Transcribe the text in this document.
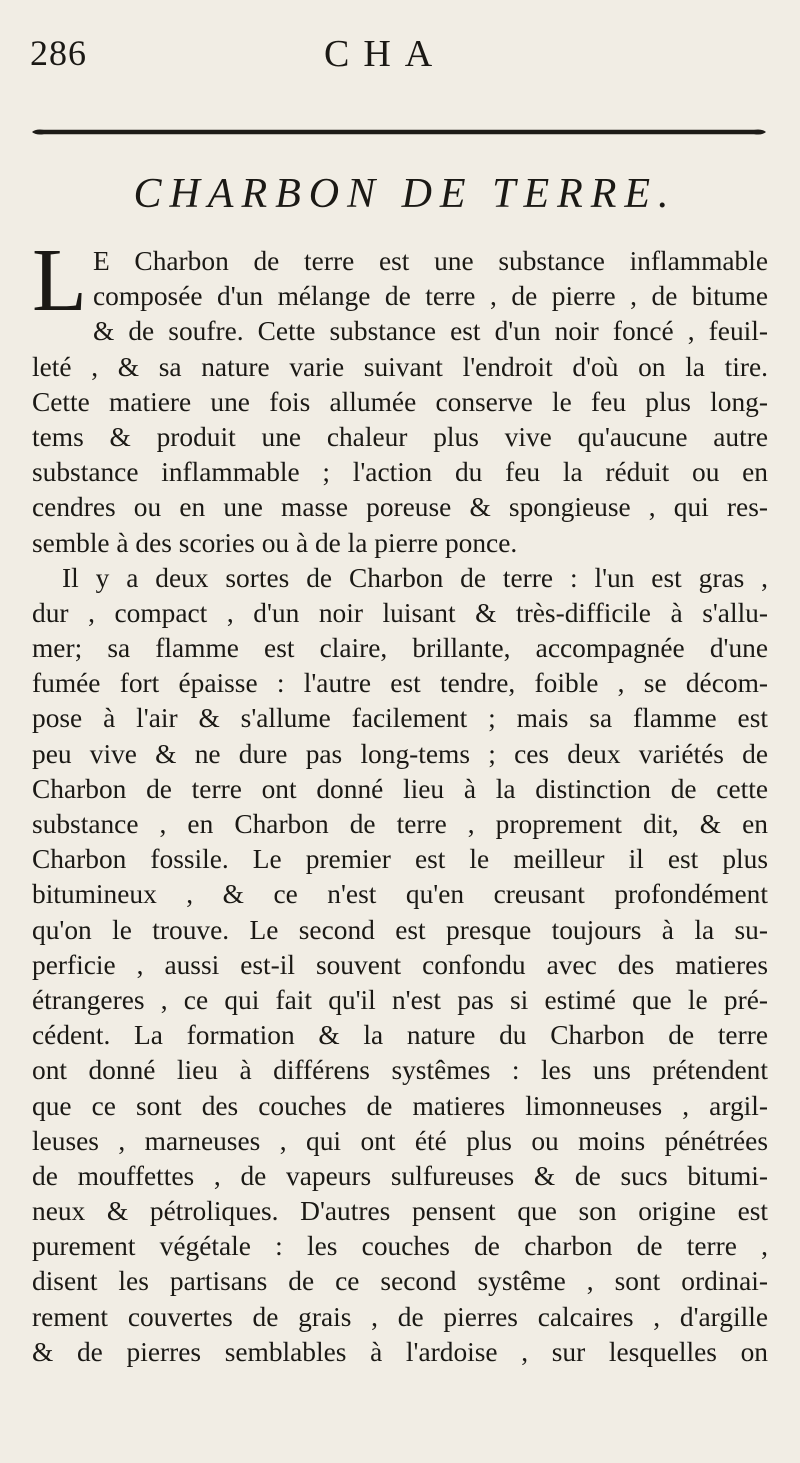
286	CHA
CHARBON DE TERRE.
L E Charbon de terre est une substance inflammable
composée d'un mélange de terre , de pierre , de bitume
& de soufre. Cette substance est d'un noir foncé , feuil-
leté , & sa nature varie suivant l'endroit d'où on la tire.
Cette matiere une fois allumée conserve le feu plus long-
tems & produit une chaleur plus vive qu'aucune autre
substance inflammable ; l'action du feu la réduit ou en
cendres ou en une masse poreuse & spongieuse , qui res-
semble à des scories ou à de la pierre ponce.
Il y a deux sortes de Charbon de terre : l'un est gras ,
dur , compact , d'un noir luisant & très-difficile à s'allu-
mer; sa flamme est claire, brillante, accompagnée d'une
fumée fort épaisse : l'autre est tendre, foible , se décom-
pose à l'air & s'allume facilement ; mais sa flamme est
peu vive & ne dure pas long-tems ; ces deux variétés de
Charbon de terre ont donné lieu à la distinction de cette
substance , en Charbon de terre , proprement dit, & en
Charbon fossile. Le premier est le meilleur il est plus
bitumineux , & ce n'est qu'en creusant profondément
qu'on le trouve. Le second est presque toujours à la su-
perficie , aussi est-il souvent confondu avec des matieres
étrangeres , ce qui fait qu'il n'est pas si estimé que le pré-
cédent. La formation & la nature du Charbon de terre
ont donné lieu à différens systêmes : les uns prétendent
que ce sont des couches de matieres limonneuses , argil-
leuses , marneuses , qui ont été plus ou moins pénétrées
de mouffettes , de vapeurs sulfureuses & de sucs bitumi-
neux & pétroliques. D'autres pensent que son origine est
purement végétale : les couches de charbon de terre ,
disent les partisans de ce second systême , sont ordinai-
rement couvertes de grais , de pierres calcaires , d'argille
& de pierres semblables à l'ardoise , sur lesquelles on
